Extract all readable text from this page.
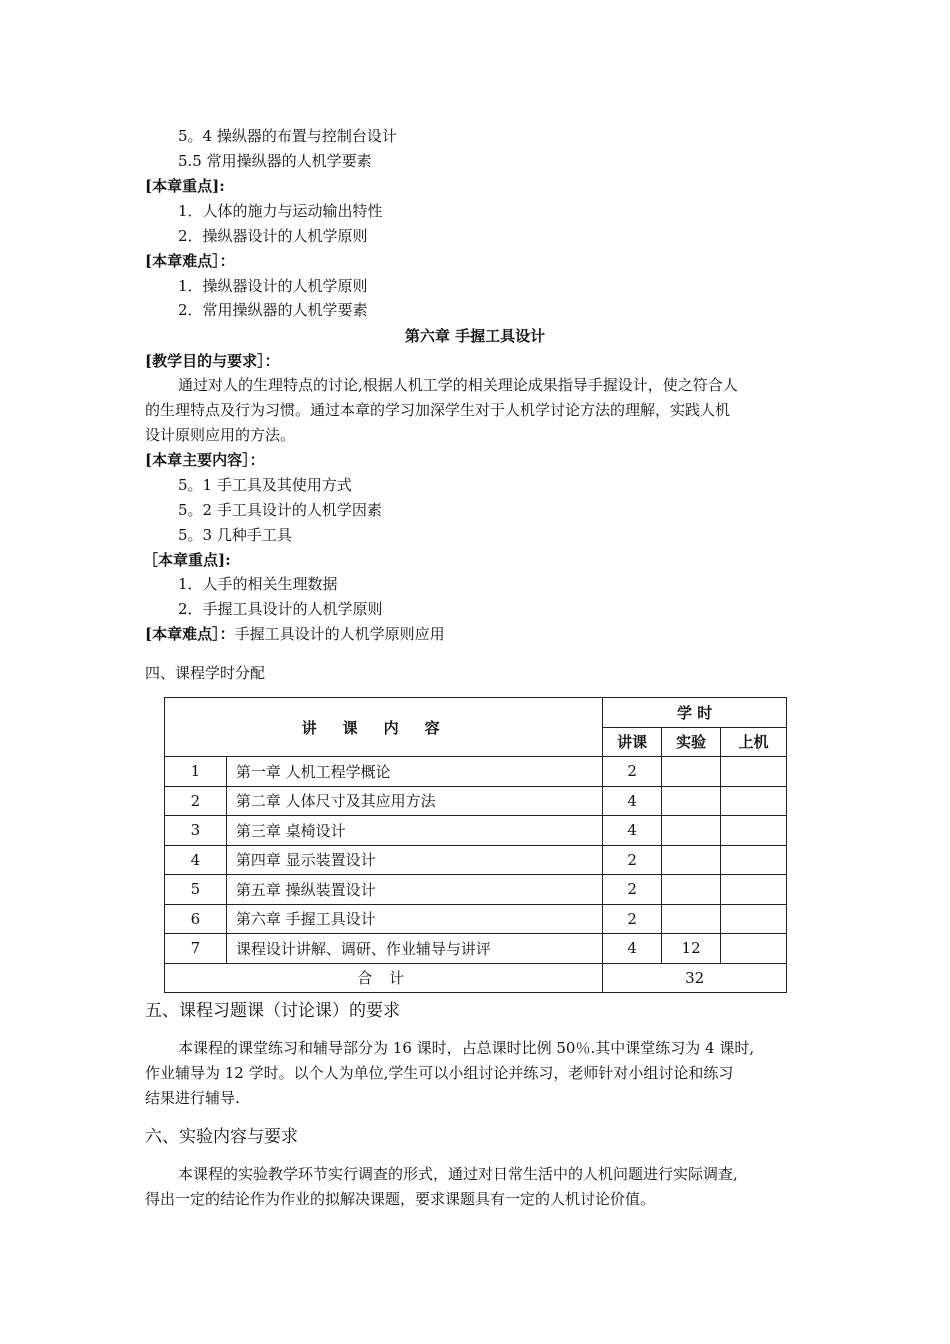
5。4 操纵器的布置与控制台设计
5.5 常用操纵器的人机学要素
[本章重点]:
1．人体的施力与运动输出特性
2．操纵器设计的人机学原则
[本章难点］：
1．操纵器设计的人机学原则
2．常用操纵器的人机学要素
第六章 手握工具设计
[教学目的与要求］：
通过对人的生理特点的讨论,根据人机工学的相关理论成果指导手握设计，使之符合人
的生理特点及行为习惯。通过本章的学习加深学生对于人机学讨论方法的理解，实践人机
设计原则应用的方法。
[本章主要内容］：
5。1 手工具及其使用方式
5。2 手工具设计的人机学因素
5。3 几种手工具
［本章重点]:
1．人手的相关生理数据
2．手握工具设计的人机学原则
[本章难点］：手握工具设计的人机学原则应用
四、课程学时分配
讲课内容		学 时		
		讲课	实验	上机
1	第一章 人机工程学概论	2		
2	第二章 人体尺寸及其应用方法	4		
3	第三章 桌椅设计	4		
4	第四章 显示装置设计	2		
5	第五章 操纵装置设计	2		
6	第六章 手握工具设计	2		
7	课程设计讲解、调研、作业辅导与讲评	4	12	
合 计		32		
五、课程习题课（讨论课）的要求
本课程的课堂练习和辅导部分为 16 课时，占总课时比例 50％.其中课堂练习为 4 课时,
作业辅导为 12 学时。以个人为单位,学生可以小组讨论并练习，老师针对小组讨论和练习
结果进行辅导.
六、实验内容与要求
本课程的实验教学环节实行调查的形式，通过对日常生活中的人机问题进行实际调查,
得出一定的结论作为作业的拟解决课题，要求课题具有一定的人机讨论价值。
